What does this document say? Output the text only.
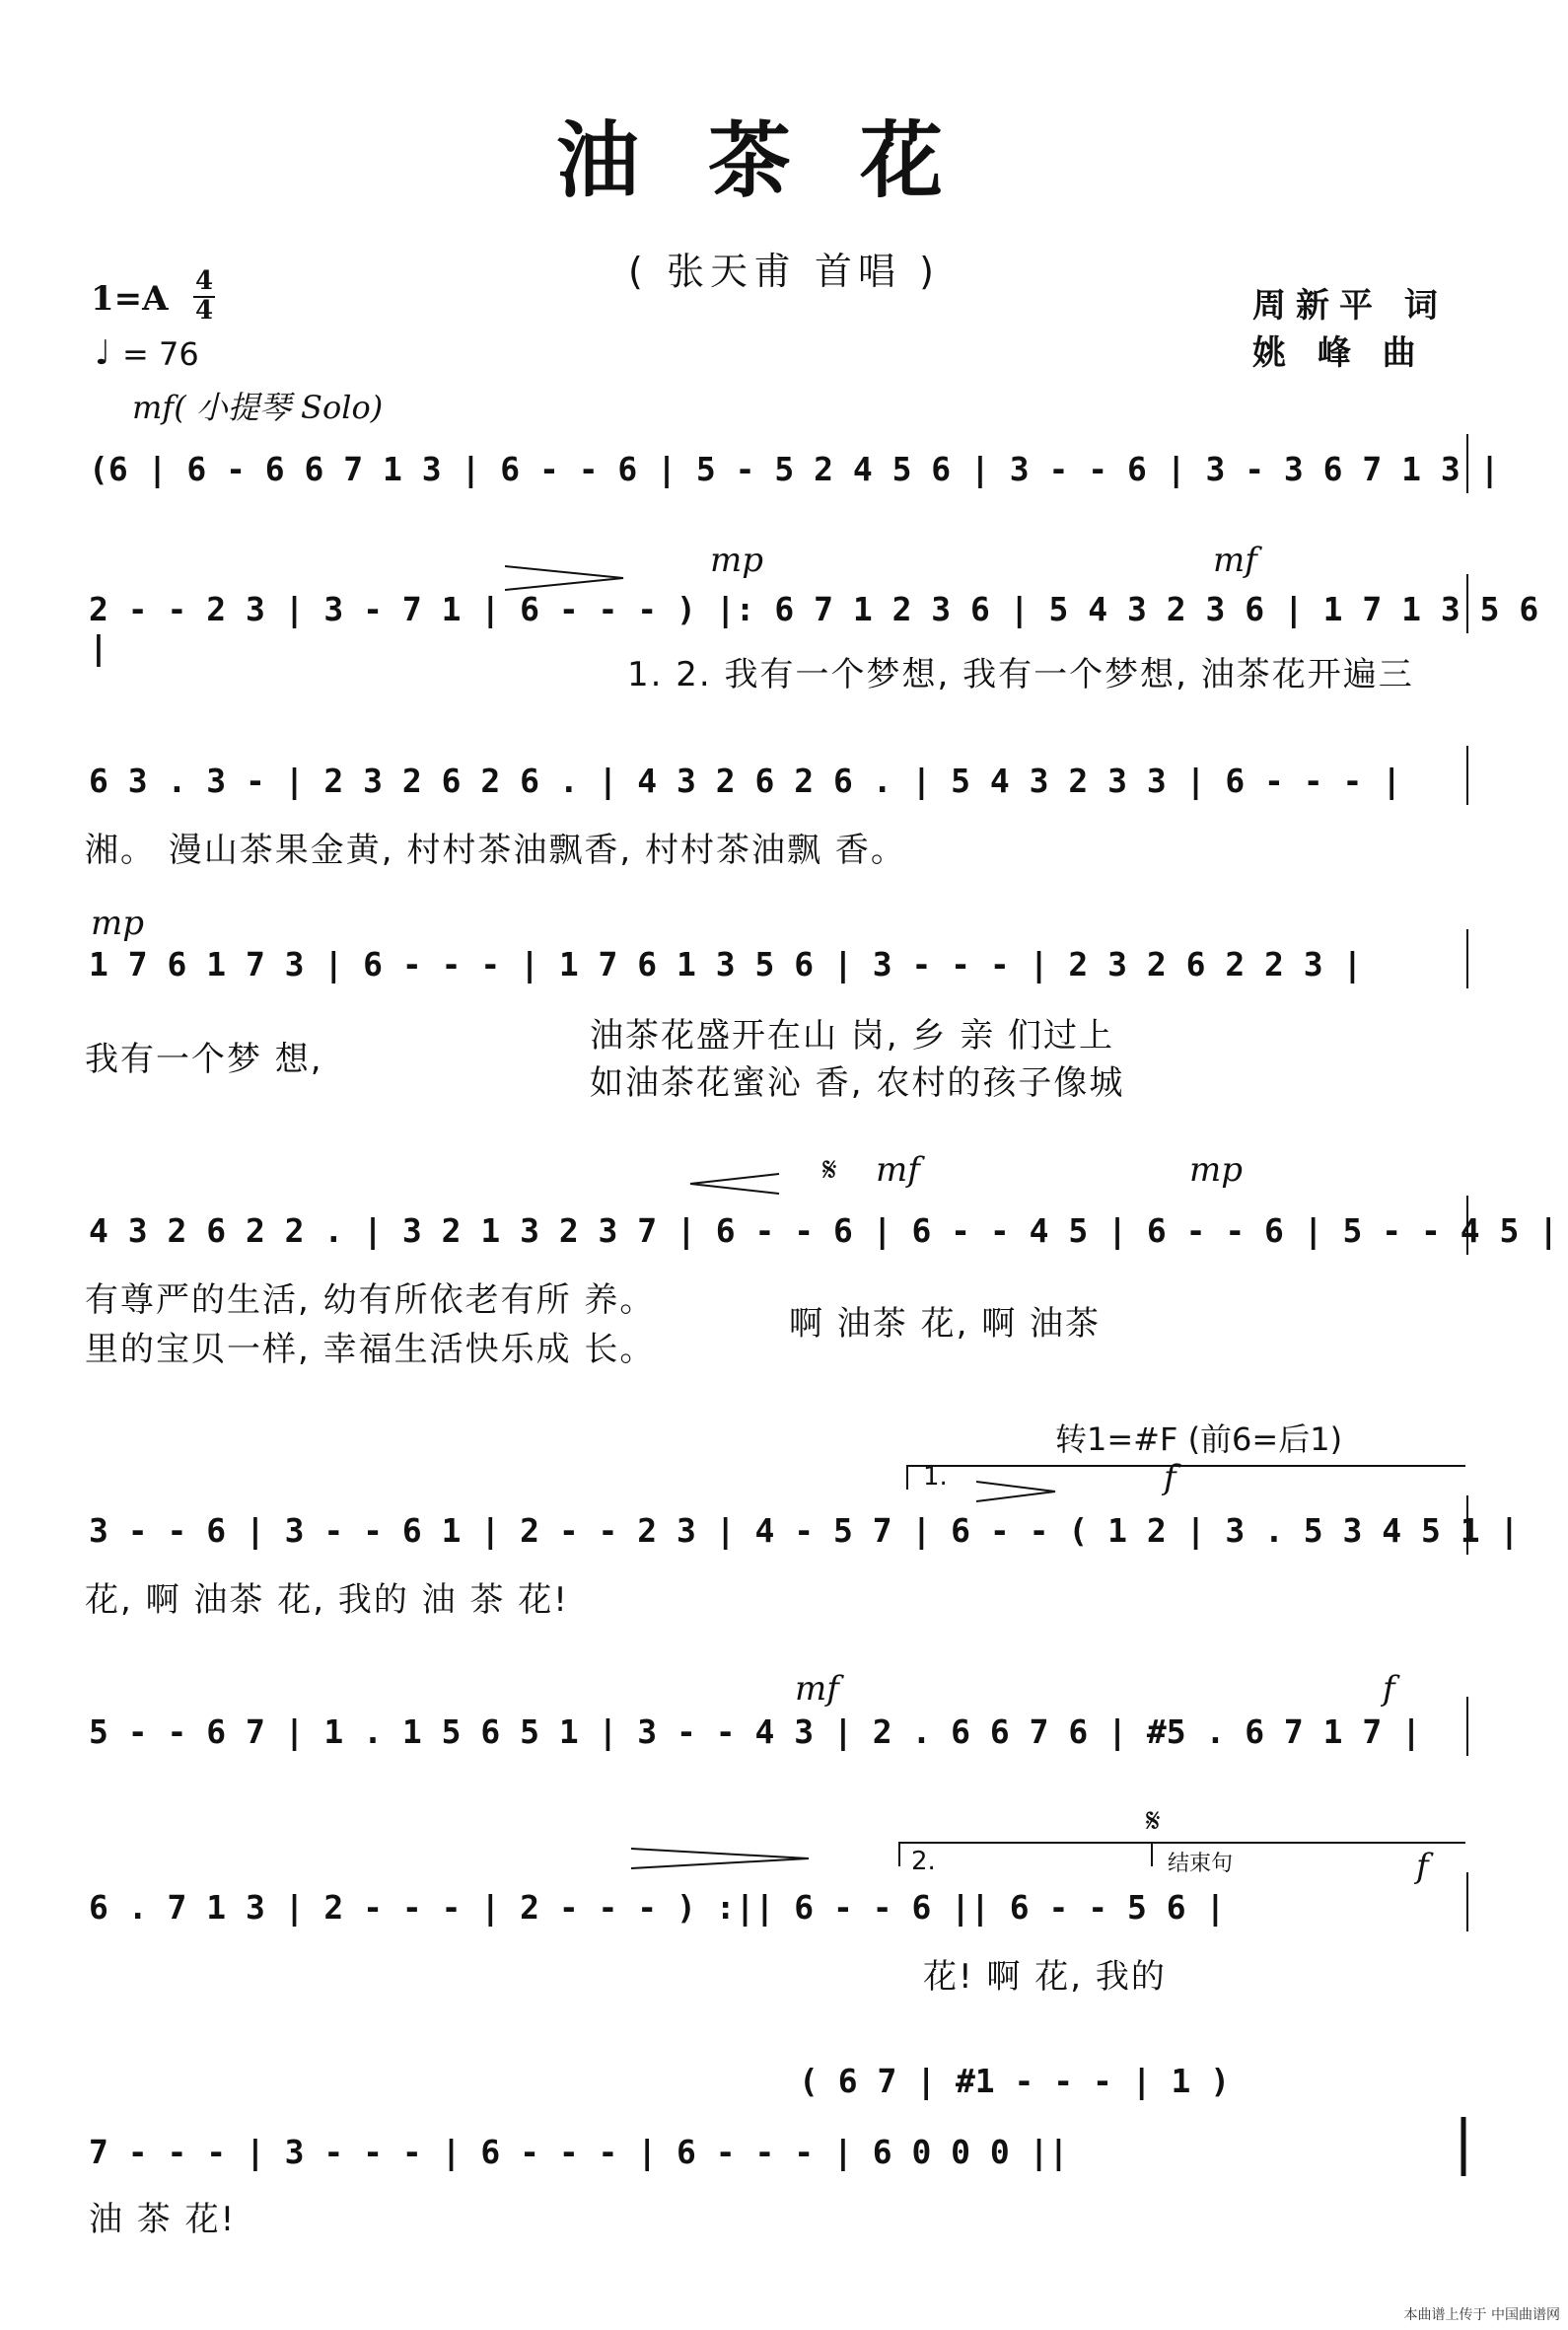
油茶花
( 张天甫 首唱 )
1=A 4
4
♩ = 76
周新平 词
姚 峰 曲
mf( 小提琴 Solo)
(6 | 6 - 6 6 7 1 3 | 6 - - 6 | 5 - 5 2 4 5 6 | 3 - - 6 | 3 - 3 6 7 1 3 |
mp	mf
2 - - 2 3 | 3 - 7 1 | 6 - - - ) |: 6 7 1 2 3 6 | 5 4 3 2 3 6 | 1 7 1 3 5 6 |
1. 2. 我有一个梦想, 我有一个梦想, 油茶花开遍三
6 3 . 3 - | 2 3 2 6 2 6 . | 4 3 2 6 2 6 . | 5 4 3 2 3 3 | 6 - - - |
湘。 漫山茶果金黄, 村村茶油飘香, 村村茶油飘 香。
mp
1 7 6 1 7 3 | 6 - - - | 1 7 6 1 3 5 6 | 3 - - - | 2 3 2 6 2 2 3 |
我有一个梦 想,
油茶花盛开在山 岗, 乡 亲 们过上
如油茶花蜜沁 香, 农村的孩子像城
𝄋 mf	mp
4 3 2 6 2 2 . | 3 2 1 3 2 3 7 | 6 - - 6 | 6 - - 4 5 | 6 - - 6 | 5 - - 4 5 |
有尊严的生活, 幼有所依老有所 养。
里的宝贝一样, 幸福生活快乐成 长。
啊 油茶 花, 啊 油茶
转1=#F (前6=后1)
1.	f
3 - - 6 | 3 - - 6 1 | 2 - - 2 3 | 4 - 5 7 | 6 - - ( 1 2 | 3 . 5 3 4 5 1 |
花, 啊 油茶 花, 我的 油 茶 花!
mf	f
5 - - 6 7 | 1 . 1 5 6 5 1 | 3 - - 4 3 | 2 . 6 6 7 6 | #5 . 6 7 1 7 |
𝄋
2.	结束句	f
6 . 7 1 3 | 2 - - - | 2 - - - ) :|| 6 - - 6 || 6 - - 5 6 |
花! 啊 花, 我的
( 6 7 | #1 - - - | 1 )
7 - - - | 3 - - - | 6 - - - | 6 - - - | 6 0 0 0 ||
油 茶 花!
本曲谱上传于 中国曲谱网
